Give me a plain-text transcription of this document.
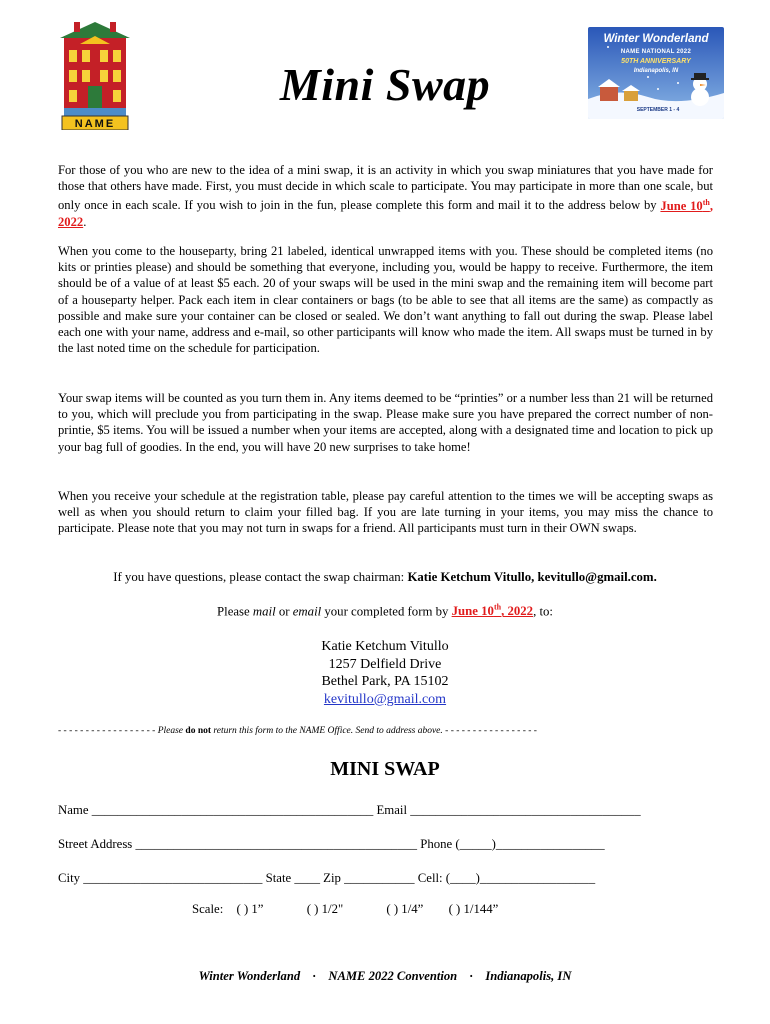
NAME
Mini Swap
Winter Wonderland
NAME NATIONAL 2022
50TH ANNIVERSARY
Indianapolis, IN
SEPTEMBER 1 - 4
For those of you who are new to the idea of a mini swap, it is an activity in which you swap miniatures that you have made for those that others have made. First, you must decide in which scale to participate. You may participate in more than one scale, but only once in each scale. If you wish to join in the fun, please complete this form and mail it to the address below by June 10th, 2022.
When you come to the houseparty, bring 21 labeled, identical unwrapped items with you. These should be completed items (no kits or printies please) and should be something that everyone, including you, would be happy to receive. Furthermore, the item should be of a value of at least $5 each. 20 of your swaps will be used in the mini swap and the remaining item will become part of a houseparty helper. Pack each item in clear containers or bags (to be able to see that all items are the same) as compactly as possible and make sure your container can be closed or sealed. We don’t want anything to fall out during the swap. Please label each one with your name, address and e-mail, so other participants will know who made the item. All swaps must be turned in by the last noted time on the schedule for participation.
Your swap items will be counted as you turn them in. Any items deemed to be “printies” or a number less than 21 will be returned to you, which will preclude you from participating in the swap. Please make sure you have prepared the correct number of non-printie, $5 items. You will be issued a number when your items are accepted, along with a designated time and location to pick up your bag full of goodies. In the end, you will have 20 new surprises to take home!
When you receive your schedule at the registration table, please pay careful attention to the times we will be accepting swaps as well as when you should return to claim your filled bag. If you are late turning in your items, you may miss the chance to participate. Please note that you may not turn in swaps for a friend. All participants must turn in their OWN swaps.
If you have questions, please contact the swap chairman: Katie Ketchum Vitullo, kevitullo@gmail.com.
Please mail or email your completed form by June 10th, 2022, to:
Katie Ketchum Vitullo
1257 Delfield Drive
Bethel Park, PA 15102
kevitullo@gmail.com
- - - - - - - - - - - - - - - - - - Please do not return this form to the NAME Office. Send to address above. - - - - - - - - - - - - - - - - -
MINI SWAP
Name ____________________________________________ Email ____________________________________
Street Address ____________________________________________ Phone (_____)_________________
City ____________________________ State ____ Zip ___________ Cell: (____)__________________
Scale: ( ) 1”	( ) 1/2"	( ) 1/4” ( ) 1/144”
Winter Wonderland · NAME 2022 Convention · Indianapolis, IN
